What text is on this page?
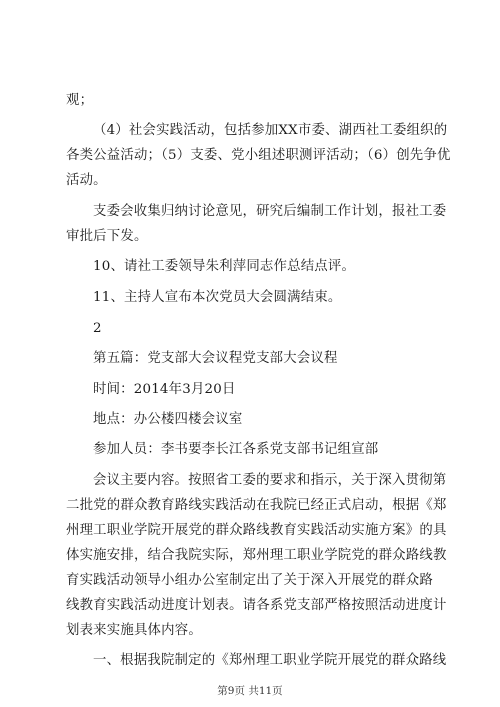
观；
（4）社会实践活动，包括参加XX市委、湖西社工委组织的
各类公益活动；（5）支委、党小组述职测评活动；（6）创先争优
活动。
支委会收集归纳讨论意见，研究后编制工作计划，报社工委
审批后下发。
10、请社工委领导朱利萍同志作总结点评。
11、主持人宣布本次党员大会圆满结束。
2
第五篇：党支部大会议程党支部大会议程
时间：2014年3月20日
地点：办公楼四楼会议室
参加人员：李书要李长江各系党支部书记组宣部
会议主要内容。按照省工委的要求和指示，关于深入贯彻第
二批党的群众教育路线实践活动在我院已经正式启动，根据《郑
州理工职业学院开展党的群众路线教育实践活动实施方案》的具
体实施安排，结合我院实际，郑州理工职业学院党的群众路线教
育实践活动领导小组办公室制定出了关于深入开展党的群众路
线教育实践活动进度计划表。请各系党支部严格按照活动进度计
划表来实施具体内容。
一、根据我院制定的《郑州理工职业学院开展党的群众路线
第9页 共11页
